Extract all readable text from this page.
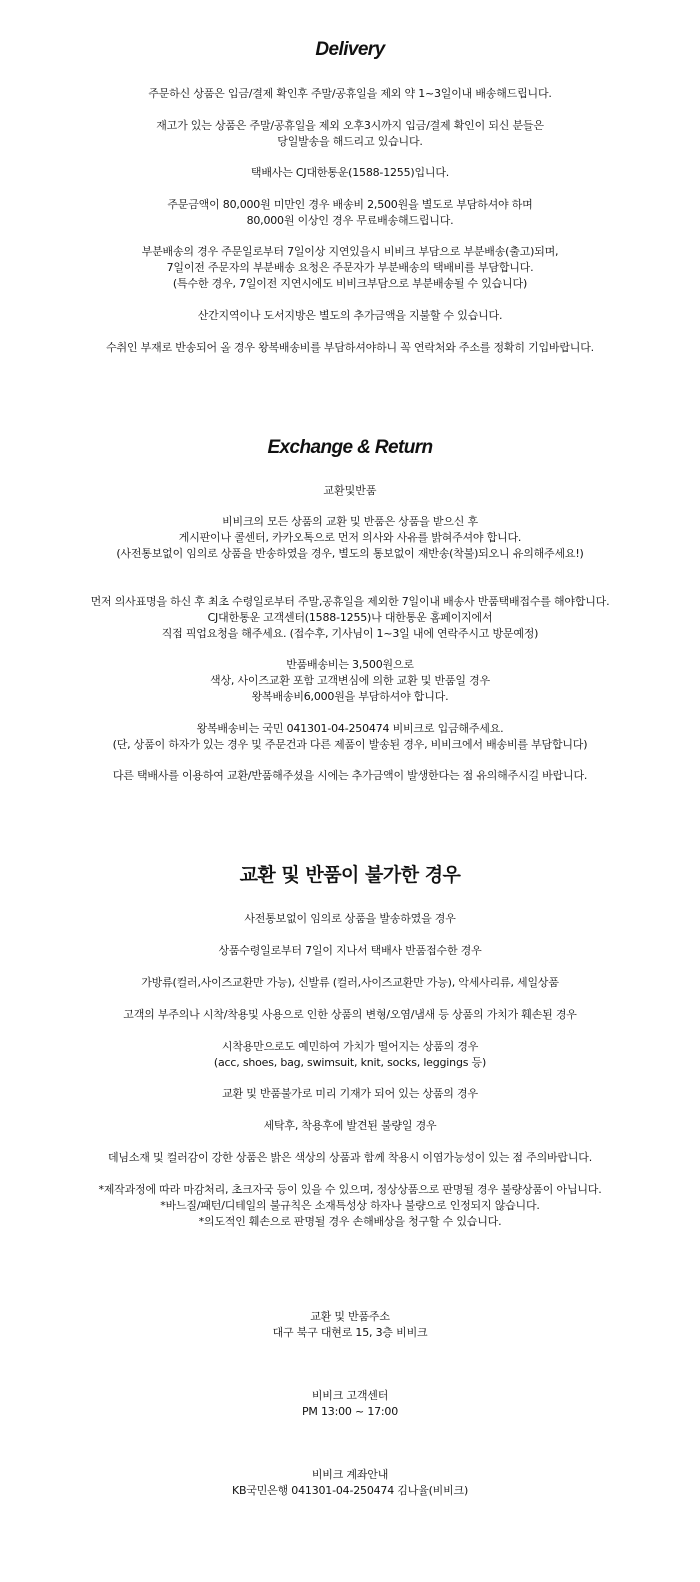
Delivery
주문하신 상품은 입금/결제 확인후 주말/공휴일을 제외 약 1~3일이내 배송해드립니다.
재고가 있는 상품은 주말/공휴일을 제외 오후3시까지 입금/결제 확인이 되신 분들은
당일발송을 해드리고 있습니다.
택배사는 CJ대한통운(1588-1255)입니다.
주문금액이 80,000원 미만인 경우 배송비 2,500원을 별도로 부담하셔야 하며
80,000원 이상인 경우 무료배송해드립니다.
부분배송의 경우 주문일로부터 7일이상 지연있을시 비비크 부담으로 부분배송(출고)되며,
7일이전 주문자의 부분배송 요청은 주문자가 부분배송의 택배비를 부담합니다.
(특수한 경우, 7일이전 지연시에도 비비크부담으로 부분배송될 수 있습니다)
산간지역이나 도서지방은 별도의 추가금액을 지불할 수 있습니다.
수취인 부재로 반송되어 올 경우 왕복배송비를 부담하셔야하니 꼭 연락처와 주소를 정확히 기입바랍니다.
Exchange & Return
교환및반품
비비크의 모든 상품의 교환 및 반품은 상품을 받으신 후
게시판이나 콜센터, 카카오톡으로 먼저 의사와 사유를 밝혀주셔야 합니다.
(사전통보없이 임의로 상품을 반송하였을 경우, 별도의 통보없이 재반송(착불)되오니 유의해주세요!)
먼저 의사표명을 하신 후 최초 수령일로부터 주말,공휴일을 제외한 7일이내 배송사 반품택배접수를 해야합니다.
CJ대한통운 고객센터(1588-1255)나 대한통운 홈페이지에서
직접 픽업요청을 해주세요. (접수후, 기사님이 1~3일 내에 연락주시고 방문예정)
반품배송비는 3,500원으로
색상, 사이즈교환 포함 고객변심에 의한 교환 및 반품일 경우
왕복배송비6,000원을 부담하셔야 합니다.
왕복배송비는 국민 041301-04-250474 비비크로 입금해주세요.
(단, 상품이 하자가 있는 경우 및 주문건과 다른 제품이 발송된 경우, 비비크에서 배송비를 부담합니다)
다른 택배사를 이용하여 교환/반품해주셨을 시에는 추가금액이 발생한다는 점 유의해주시길 바랍니다.
교환 및 반품이 불가한 경우
사전통보없이 임의로 상품을 발송하였을 경우
상품수령일로부터 7일이 지나서 택배사 반품접수한 경우
가방류(컬러,사이즈교환만 가능), 신발류 (컬러,사이즈교환만 가능), 악세사리류, 세일상품
고객의 부주의나 시착/착용및 사용으로 인한 상품의 변형/오염/냄새 등 상품의 가치가 훼손된 경우
시착용만으로도 예민하여 가치가 떨어지는 상품의 경우
(acc, shoes, bag, swimsuit, knit, socks, leggings 등)
교환 및 반품불가로 미리 기재가 되어 있는 상품의 경우
세탁후, 착용후에 발견된 불량일 경우
데님소재 및 컬러감이 강한 상품은 밝은 색상의 상품과 함께 착용시 이염가능성이 있는 점 주의바랍니다.
*제작과정에 따라 마감처리, 초크자국 등이 있을 수 있으며, 정상상품으로 판명될 경우 불량상품이 아닙니다.
*바느질/패턴/디테일의 불규칙은 소재특성상 하자나 불량으로 인정되지 않습니다.
*의도적인 훼손으로 판명될 경우 손해배상을 청구할 수 있습니다.
교환 및 반품주소
대구 북구 대현로 15, 3층 비비크
비비크 고객센터
PM 13:00 ~ 17:00
비비크 계좌안내
KB국민은행 041301-04-250474 김나율(비비크)
